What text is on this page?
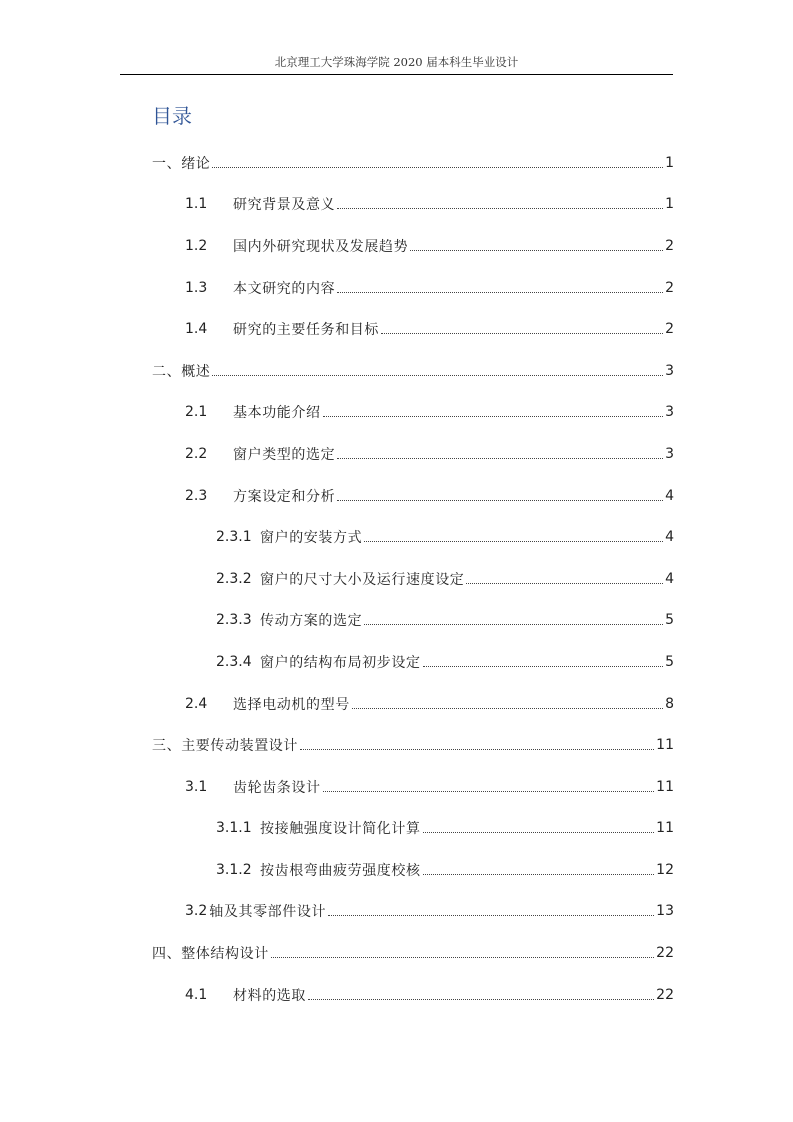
北京理工大学珠海学院 2020 届本科生毕业设计
目录
一、绪论	1
1.1	研究背景及意义	1
1.2	国内外研究现状及发展趋势	2
1.3	本文研究的内容	2
1.4	研究的主要任务和目标	2
二、概述	3
2.1	基本功能介绍	3
2.2	窗户类型的选定	3
2.3	方案设定和分析	4
2.3.1 窗户的安装方式	4
2.3.2 窗户的尺寸大小及运行速度设定	4
2.3.3 传动方案的选定	5
2.3.4 窗户的结构布局初步设定	5
2.4	选择电动机的型号	8
三、主要传动装置设计	11
3.1	齿轮齿条设计	11
3.1.1 按接触强度设计简化计算	11
3.1.2 按齿根弯曲疲劳强度校核	12
3.2 轴及其零部件设计	13
四、整体结构设计	22
4.1	材料的选取	22
